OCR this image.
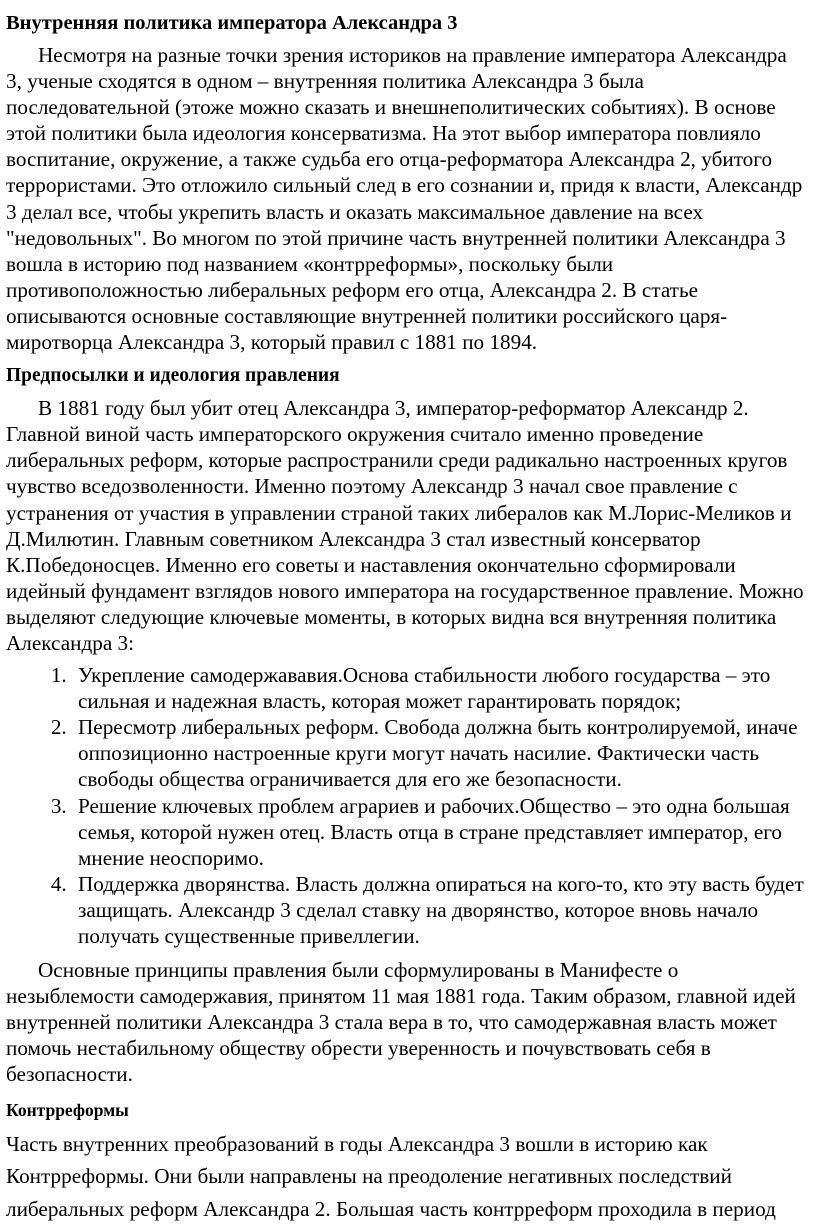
Внутренняя политика императора Александра 3

Несмотря на разные точки зрения историков на правление императора Александра 3, ученые сходятся в одном – внутренняя политика Александра 3 была последовательной (этоже можно сказать и внешнеполитических событиях). В основе этой политики была идеология консерватизма. На этот выбор императора повлияло воспитание, окружение, а также судьба его отца-реформатора Александра 2, убитого террористами. Это отложило сильный след в его сознании и, придя к власти, Александр 3 делал все, чтобы укрепить власть и оказать максимальное давление на всех "недовольных". Во многом по этой причине часть внутренней политики Александра 3 вошла в историю под названием «контрреформы», поскольку были противоположностью либеральных реформ его отца, Александра 2. В статье описываются основные составляющие внутренней политики российского царя-миротворца Александра 3, который правил с 1881 по 1894.

Предпосылки и идеология правления

В 1881 году был убит отец Александра 3, император-реформатор Александр 2. Главной виной часть императорского окружения считало именно проведение либеральных реформ, которые распространили среди радикально настроенных кругов чувство вседозволенности. Именно поэтому Александр 3 начал свое правление с устранения от участия в управлении страной таких либералов как М.Лорис-Меликов и Д.Милютин. Главным советником Александра 3 стал известный консерватор К.Победоносцев. Именно его советы и наставления окончательно сформировали идейный фундамент взглядов нового императора на государственное правление. Можно выделяют следующие ключевые моменты, в которых видна вся внутренняя политика Александра 3:

1. Укрепление самодержававия.Основа стабильности любого государства – это сильная и надежная власть, которая может гарантировать порядок;
2. Пересмотр либеральных реформ. Свобода должна быть контролируемой, иначе оппозиционно настроенные круги могут начать насилие. Фактически часть свободы общества ограничивается для его же безопасности.
3. Решение ключевых проблем аграриев и рабочих.Общество – это одна большая семья, которой нужен отец. Власть отца в стране представляет император, его мнение неоспоримо.
4. Поддержка дворянства. Власть должна опираться на кого-то, кто эту васть будет защищать. Александр 3 сделал ставку на дворянство, которое вновь начало получать существенные привеллегии.

Основные принципы правления были сформулированы в Манифесте о незыблемости самодержавия, принятом 11 мая 1881 года. Таким образом, главной идей внутренней политики Александра 3 стала вера в то, что самодержавная власть может помочь нестабильному обществу обрести уверенность и почувствовать себя в безопасности.

Контрреформы

Часть внутренних преобразований в годы Александра 3 вошли в историю как Контрреформы. Они были направлены на преодоление негативных последствий либеральных реформ Александра 2. Большая часть контрреформ проходила в период
